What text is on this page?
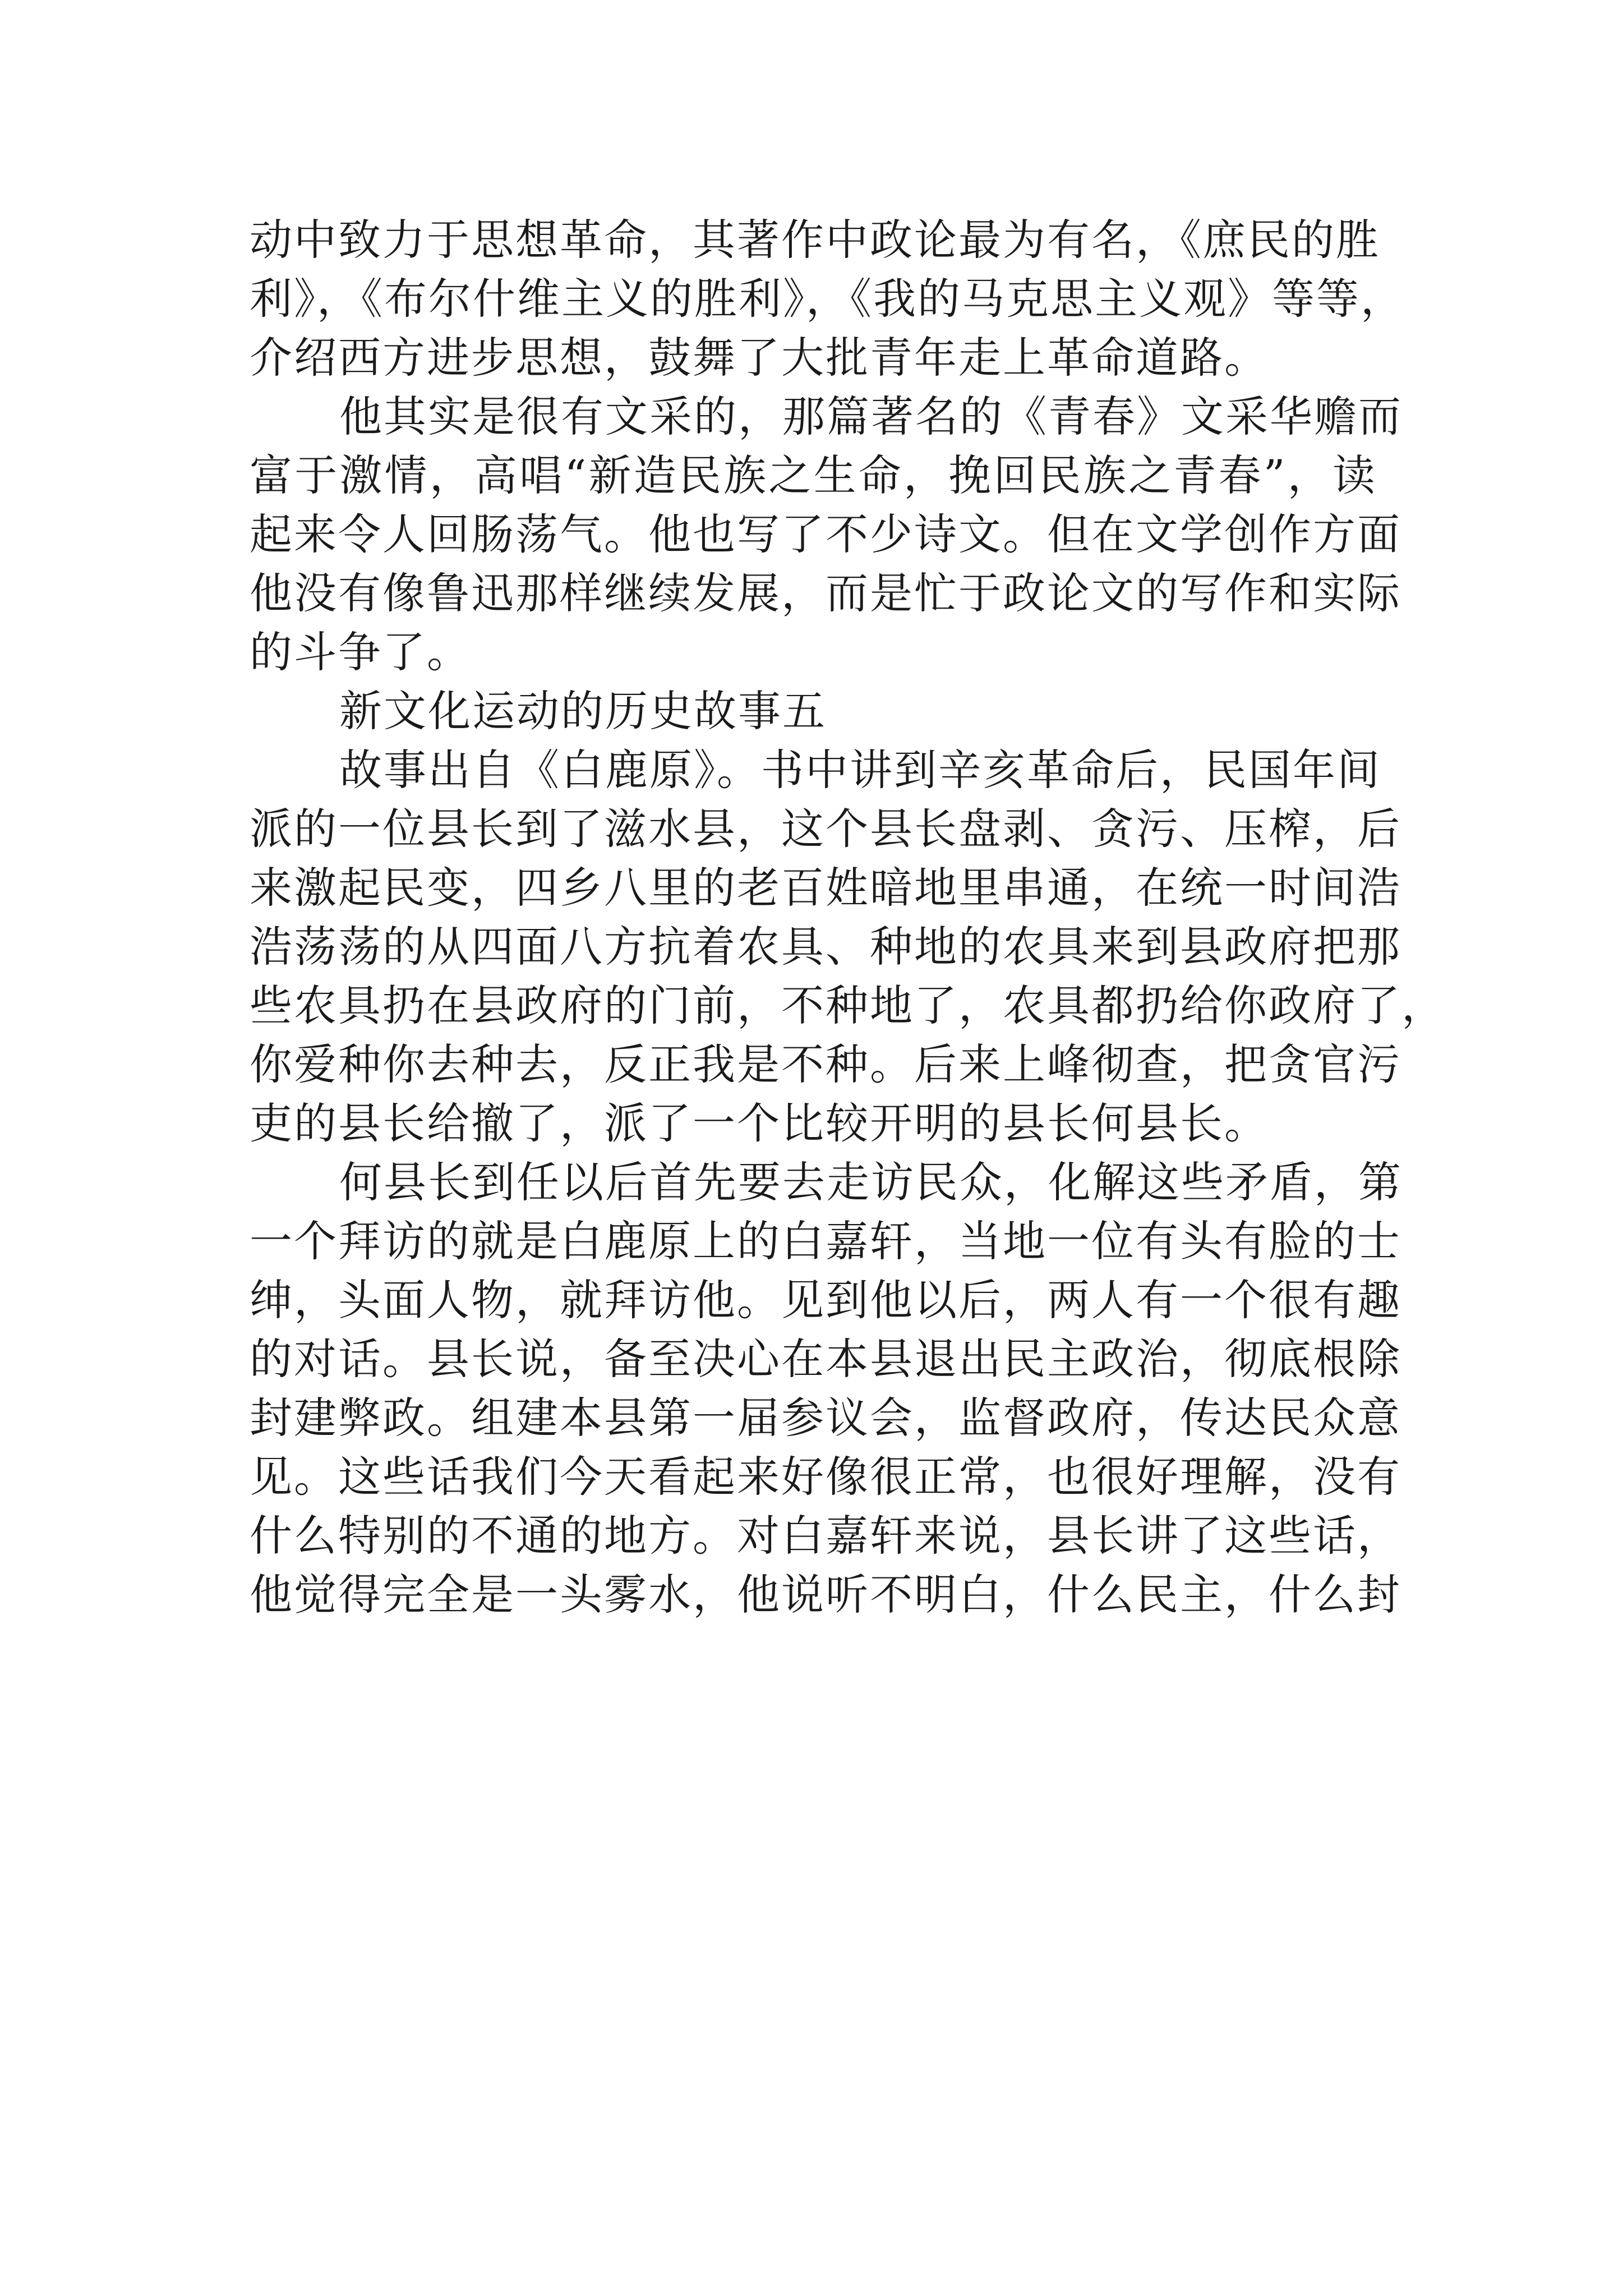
动中致力于思想革命，其著作中政论最为有名，《庶民的胜
利》，《布尔什维主义的胜利》，《我的马克思主义观》等等，
介绍西方进步思想，鼓舞了大批青年走上革命道路。
他其实是很有文采的，那篇著名的《青春》文采华赡而
富于激情，高唱“新造民族之生命，挽回民族之青春”，读
起来令人回肠荡气。他也写了不少诗文。但在文学创作方面
他没有像鲁迅那样继续发展，而是忙于政论文的写作和实际
的斗争了。
新文化运动的历史故事五
故事出自《白鹿原》。书中讲到辛亥革命后，民国年间
派的一位县长到了滋水县，这个县长盘剥、贪污、压榨，后
来激起民变，四乡八里的老百姓暗地里串通，在统一时间浩
浩荡荡的从四面八方抗着农具、种地的农具来到县政府把那
些农具扔在县政府的门前，不种地了，农具都扔给你政府了，
你爱种你去种去，反正我是不种。后来上峰彻查，把贪官污
吏的县长给撤了，派了一个比较开明的县长何县长。
何县长到任以后首先要去走访民众，化解这些矛盾，第
一个拜访的就是白鹿原上的白嘉轩，当地一位有头有脸的士
绅，头面人物，就拜访他。见到他以后，两人有一个很有趣
的对话。县长说，备至决心在本县退出民主政治，彻底根除
封建弊政。组建本县第一届参议会，监督政府，传达民众意
见。这些话我们今天看起来好像很正常，也很好理解，没有
什么特别的不通的地方。对白嘉轩来说，县长讲了这些话，
他觉得完全是一头雾水，他说听不明白，什么民主，什么封
